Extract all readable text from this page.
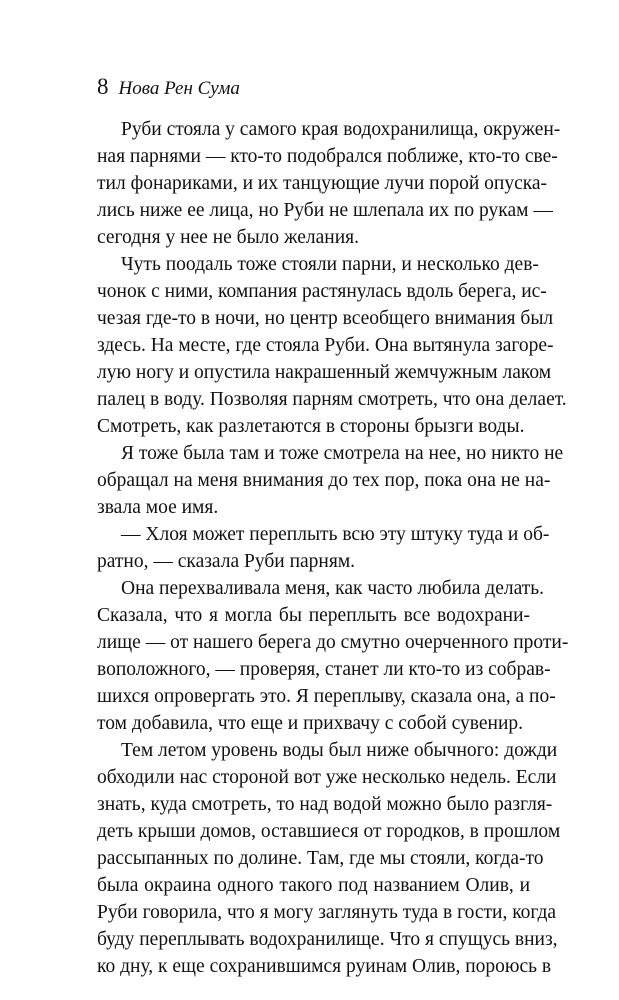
8 Нова Рен Сума
Руби стояла у самого края водохранилища, окружен-
ная парнями — кто-то подобрался поближе, кто-то све-
тил фонариками, и их танцующие лучи порой опуска-
лись ниже ее лица, но Руби не шлепала их по рукам —
сегодня у нее не было желания.
Чуть поодаль тоже стояли парни, и несколько дев-
чонок с ними, компания растянулась вдоль берега, ис-
чезая где-то в ночи, но центр всеобщего внимания был
здесь. На месте, где стояла Руби. Она вытянула загоре-
лую ногу и опустила накрашенный жемчужным лаком
палец в воду. Позволяя парням смотреть, что она делает.
Смотреть, как разлетаются в стороны брызги воды.
Я тоже была там и тоже смотрела на нее, но никто не
обращал на меня внимания до тех пор, пока она не на-
звала мое имя.
— Хлоя может переплыть всю эту штуку туда и об-
ратно, — сказала Руби парням.
Она перехваливала меня, как часто любила делать.
Сказала, что я могла бы переплыть все водохрани-
лище — от нашего берега до смутно очерченного проти-
воположного, — проверяя, станет ли кто-то из собрав-
шихся опровергать это. Я переплыву, сказала она, а по-
том добавила, что еще и прихвачу с собой сувенир.
Тем летом уровень воды был ниже обычного: дожди
обходили нас стороной вот уже несколько недель. Если
знать, куда смотреть, то над водой можно было разгля-
деть крыши домов, оставшиеся от городков, в прошлом
рассыпанных по долине. Там, где мы стояли, когда-то
была окраина одного такого под названием Олив, и
Руби говорила, что я могу заглянуть туда в гости, когда
буду переплывать водохранилище. Что я спущусь вниз,
ко дну, к еще сохранившимся руинам Олив, пороюсь в
